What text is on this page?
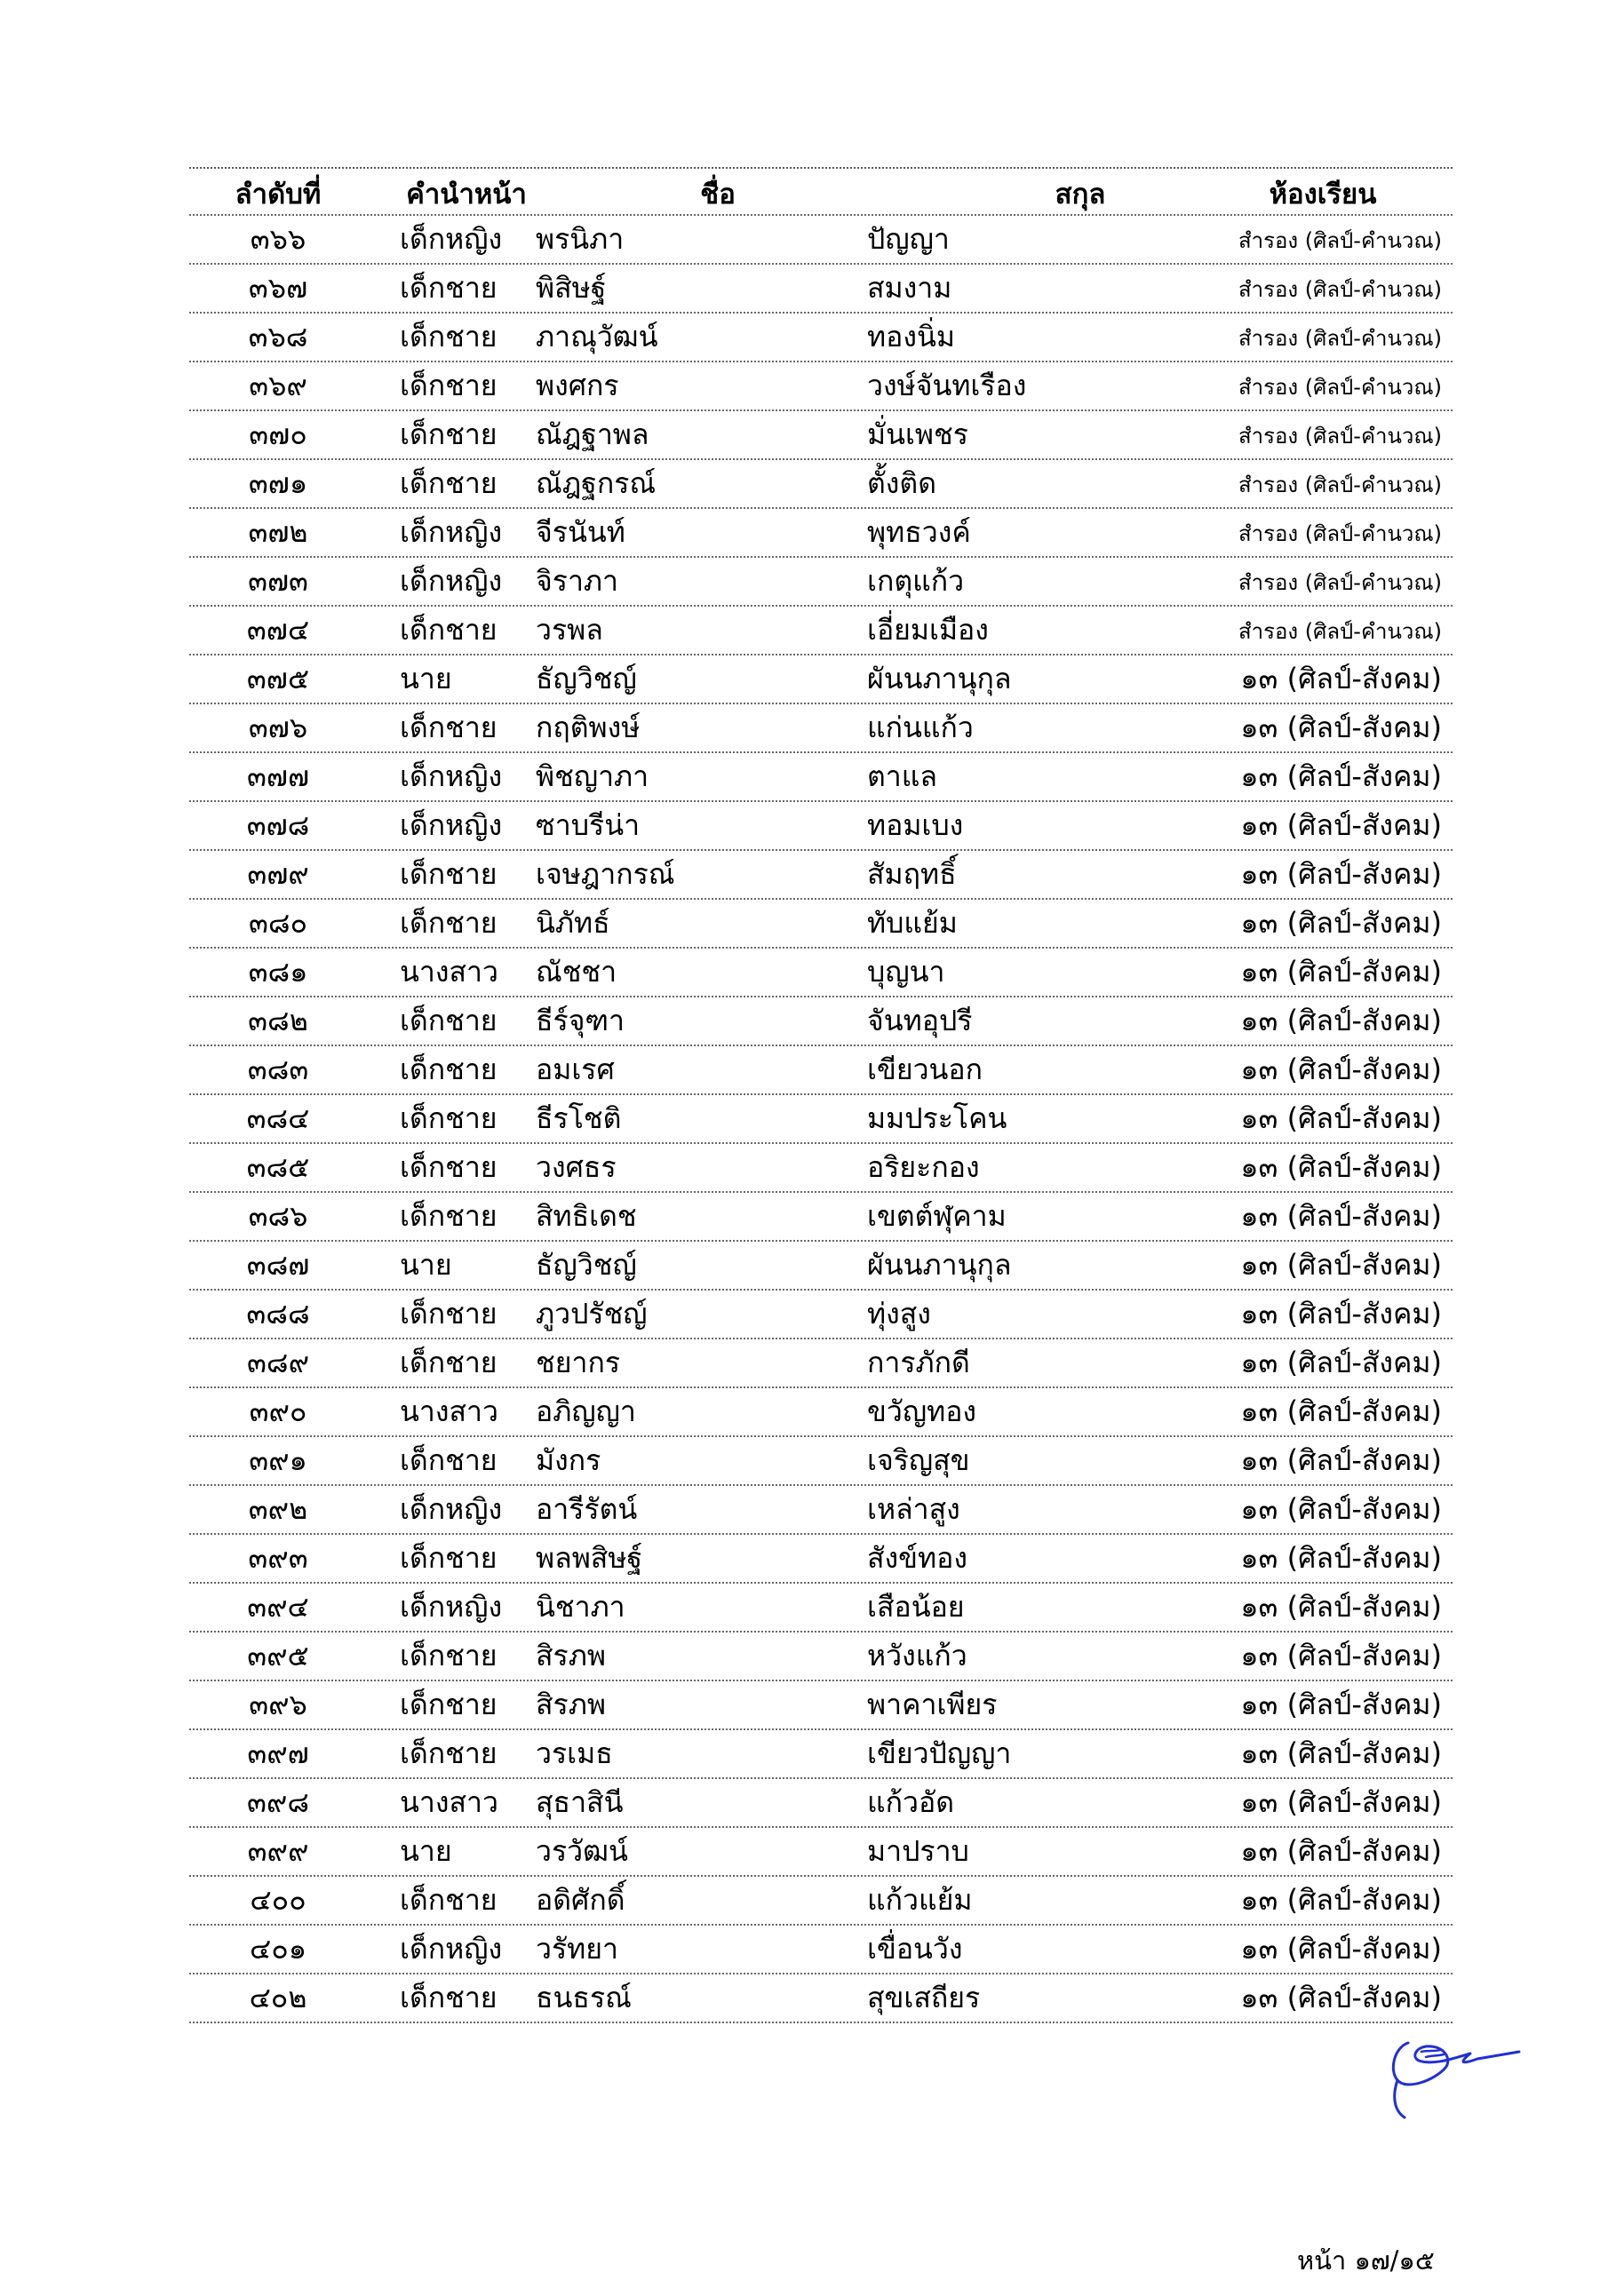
ลำดับที่	คำนำหน้า	ชื่อ	สกุล	ห้องเรียน
๓๖๖	เด็กหญิง	พรนิภา	ปัญญา	สำรอง (ศิลป์-คำนวณ)
๓๖๗	เด็กชาย	พิสิษฐ์	สมงาม	สำรอง (ศิลป์-คำนวณ)
๓๖๘	เด็กชาย	ภาณุวัฒน์	ทองนิ่ม	สำรอง (ศิลป์-คำนวณ)
๓๖๙	เด็กชาย	พงศกร	วงษ์จันทเรือง	สำรอง (ศิลป์-คำนวณ)
๓๗๐	เด็กชาย	ณัฎฐาพล	มั่นเพชร	สำรอง (ศิลป์-คำนวณ)
๓๗๑	เด็กชาย	ณัฎฐกรณ์	ตั้งติด	สำรอง (ศิลป์-คำนวณ)
๓๗๒	เด็กหญิง	จีรนันท์	พุทธวงค์	สำรอง (ศิลป์-คำนวณ)
๓๗๓	เด็กหญิง	จิราภา	เกตุแก้ว	สำรอง (ศิลป์-คำนวณ)
๓๗๔	เด็กชาย	วรพล	เอี่ยมเมือง	สำรอง (ศิลป์-คำนวณ)
๓๗๕	นาย	ธัญวิชญ์	ผันนภานุกุล	๑๓ (ศิลป์-สังคม)
๓๗๖	เด็กชาย	กฤติพงษ์	แก่นแก้ว	๑๓ (ศิลป์-สังคม)
๓๗๗	เด็กหญิง	พิชญาภา	ตาแล	๑๓ (ศิลป์-สังคม)
๓๗๘	เด็กหญิง	ซาบรีน่า	ทอมเบง	๑๓ (ศิลป์-สังคม)
๓๗๙	เด็กชาย	เจษฎากรณ์	สัมฤทธิ์	๑๓ (ศิลป์-สังคม)
๓๘๐	เด็กชาย	นิภัทธ์	ทับแย้ม	๑๓ (ศิลป์-สังคม)
๓๘๑	นางสาว	ณัชชา	บุญนา	๑๓ (ศิลป์-สังคม)
๓๘๒	เด็กชาย	ธีร์จุฑา	จันทอุปรี	๑๓ (ศิลป์-สังคม)
๓๘๓	เด็กชาย	อมเรศ	เขียวนอก	๑๓ (ศิลป์-สังคม)
๓๘๔	เด็กชาย	ธีรโชติ	มมประโคน	๑๓ (ศิลป์-สังคม)
๓๘๕	เด็กชาย	วงศธร	อริยะกอง	๑๓ (ศิลป์-สังคม)
๓๘๖	เด็กชาย	สิทธิเดช	เขตต์ฬุคาม	๑๓ (ศิลป์-สังคม)
๓๘๗	นาย	ธัญวิชญ์	ผันนภานุกุล	๑๓ (ศิลป์-สังคม)
๓๘๘	เด็กชาย	ภูวปรัชญ์	ทุ่งสูง	๑๓ (ศิลป์-สังคม)
๓๘๙	เด็กชาย	ชยากร	การภักดี	๑๓ (ศิลป์-สังคม)
๓๙๐	นางสาว	อภิญญา	ขวัญทอง	๑๓ (ศิลป์-สังคม)
๓๙๑	เด็กชาย	มังกร	เจริญสุข	๑๓ (ศิลป์-สังคม)
๓๙๒	เด็กหญิง	อารีรัตน์	เหล่าสูง	๑๓ (ศิลป์-สังคม)
๓๙๓	เด็กชาย	พลพสิษฐ์	สังข์ทอง	๑๓ (ศิลป์-สังคม)
๓๙๔	เด็กหญิง	นิชาภา	เสือน้อย	๑๓ (ศิลป์-สังคม)
๓๙๕	เด็กชาย	สิรภพ	หวังแก้ว	๑๓ (ศิลป์-สังคม)
๓๙๖	เด็กชาย	สิรภพ	พาคาเพียร	๑๓ (ศิลป์-สังคม)
๓๙๗	เด็กชาย	วรเมธ	เขียวปัญญา	๑๓ (ศิลป์-สังคม)
๓๙๘	นางสาว	สุธาสินี	แก้วอัด	๑๓ (ศิลป์-สังคม)
๓๙๙	นาย	วรวัฒน์	มาปราบ	๑๓ (ศิลป์-สังคม)
๔๐๐	เด็กชาย	อดิศักดิ์	แก้วแย้ม	๑๓ (ศิลป์-สังคม)
๔๐๑	เด็กหญิง	วรัทยา	เขื่อนวัง	๑๓ (ศิลป์-สังคม)
๔๐๒	เด็กชาย	ธนธรณ์	สุขเสถียร	๑๓ (ศิลป์-สังคม)
หน้า ๑๗/๑๕
